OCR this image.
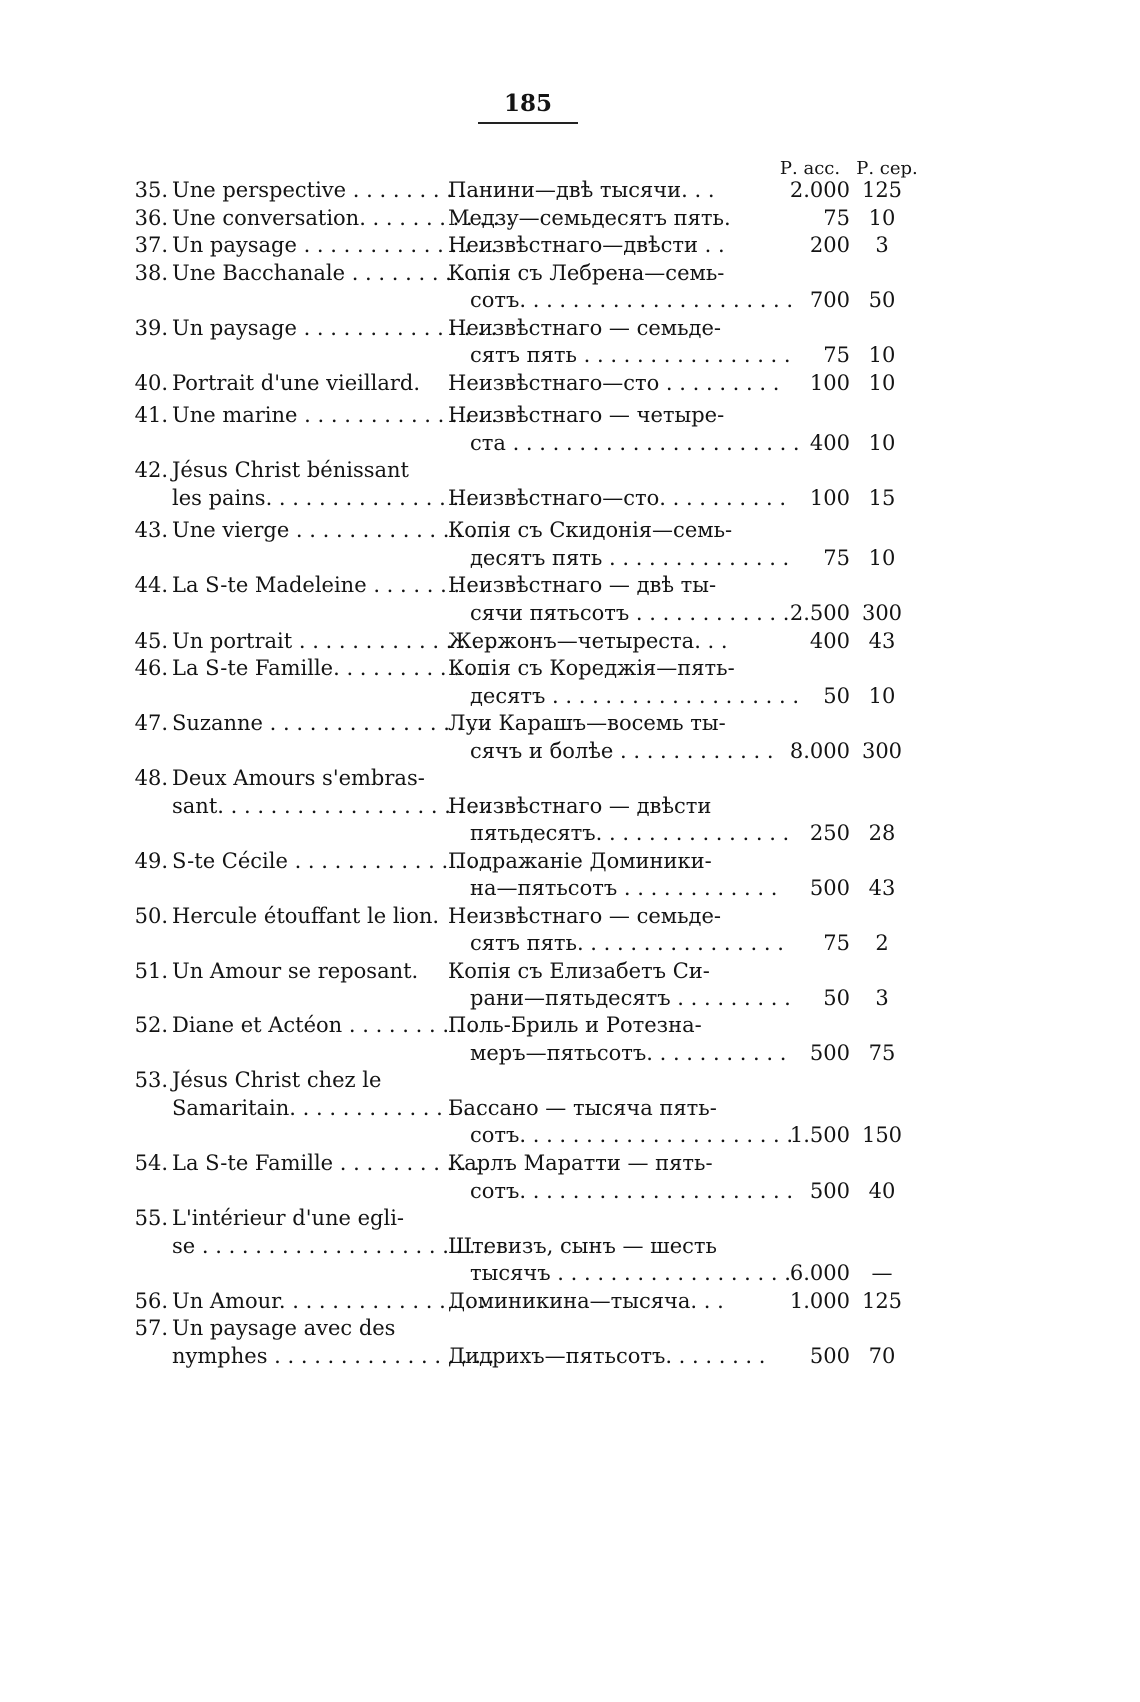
185
Р. асс. Р. сер.
35. Une perspective . . . . . . . . . . . .
Панини—двѣ тысячи. . .	2.000 125
36. Une conversation. . . . . . . . . . . .
Медзу—семьдесятъ пять.	75 10
37. Un paysage . . . . . . . . . . . . . . .
Неизвѣстнаго—двѣсти . .	200	3
38. Une Bacchanale . . . . . . . . . . . .
Копія съ Лебрена—семь-
сотъ. . . . . . . . . . . . . . . . . . . . . 700 50
39. Un paysage . . . . . . . . . . . . . . .
Неизвѣстнаго — семьде-
сятъ пять . . . . . . . . . . . . . . . .	75 10
40. Portrait d'une vieillard. Неизвѣстнаго—сто . . . . . . . . .	100 10
41. Une marine . . . . . . . . . . . . . . .
Неизвѣстнаго — четыре-
ста . . . . . . . . . . . . . . . . . . . . . . 400 10
42. Jésus Christ bénissant
les pains. . . . . . . . . . . . . . . . .
Неизвѣстнаго—сто. . . . . . . . . .	100 15
43. Une vierge . . . . . . . . . . . . . . .
Копія съ Скидонія—семь-
десятъ пять . . . . . . . . . . . . . .	75 10
44. La S-te Madeleine . . . . . . . . .
Неизвѣстнаго — двѣ ты-
сячи пятьсотъ . . . . . . . . . . . . 2.500 300
45. Un portrait . . . . . . . . . . . . . . .
Жержонъ—четыреста. . .	400 43
46. La S-te Famille. . . . . . . . . . . .
Копія съ Кореджія—пять-
десятъ . . . . . . . . . . . . . . . . . . .	50 10
47. Suzanne . . . . . . . . . . . . . . . . .
Луи Карашъ—восемь ты-
сячъ и болѣе . . . . . . . . . . . . 8.000 300
48. Deux Amours s'embras-
sant. . . . . . . . . . . . . . . . . . . . . .
Неизвѣстнаго — двѣсти
пятьдесятъ. . . . . . . . . . . . . . . 250 28
49. S-te Cécile . . . . . . . . . . . . . . .
Подражаніе Доминики-
на—пятьсотъ . . . . . . . . . . . .	500 43
50. Hercule étouffant le lion. Неизвѣстнаго — семьде-
сятъ пять. . . . . . . . . . . . . . . .	75	2
51. Un Amour se reposant. Копія съ Елизабетъ Си-
рани—пятьдесятъ . . . . . . . . .	50	3
52. Diane et Actéon . . . . . . . . . .
Поль-Бриль и Ротезна-
меръ—пятьсотъ. . . . . . . . . . .	500 75
53. Jésus Christ chez le
Samaritain. . . . . . . . . . . . . . .
Бассано — тысяча пять-
сотъ. . . . . . . . . . . . . . . . . . . . .
1.500 150
54. La S-te Famille . . . . . . . . . . .
Карлъ Маратти — пять-
сотъ. . . . . . . . . . . . . . . . . . . . . 500 40
55. L'intérieur d'une egli-
se . . . . . . . . . . . . . . . . . . . . . . .
Штевизъ, сынъ — шесть
тысячъ . . . . . . . . . . . . . . . . . .
6.000	—
56. Un Amour. . . . . . . . . . . . . . . .
Доминикина—тысяча. . .	1.000 125
57. Un paysage avec des
nymphes . . . . . . . . . . . . . . . . .
Дидрихъ—пятьсотъ. . . . . . . .	500 70
